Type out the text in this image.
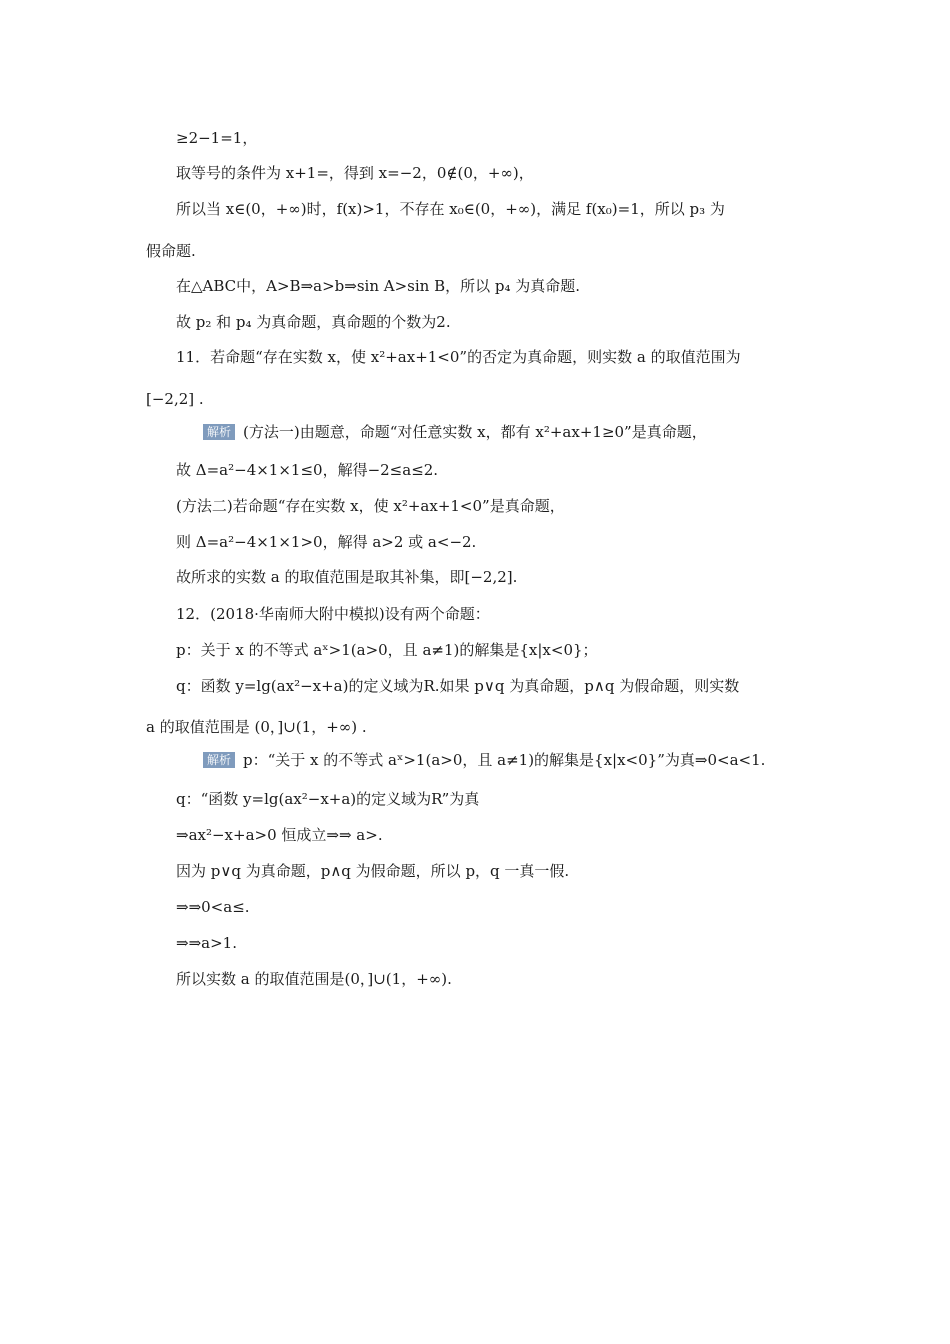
≥2−1=1，
取等号的条件为 x+1=，得到 x=−2，0∉(0，+∞)，
所以当 x∈(0，+∞)时，f(x)>1，不存在 x₀∈(0，+∞)，满足 f(x₀)=1，所以 p₃ 为
假命题.
在△ABC中，A>B⇒a>b⇒sin A>sin B，所以 p₄ 为真命题.
故 p₂ 和 p₄ 为真命题，真命题的个数为2.
11．若命题“存在实数 x，使 x²+ax+1<0”的否定为真命题，则实数 a 的取值范围为
[−2,2] .
解析 (方法一)由题意，命题“对任意实数 x，都有 x²+ax+1≥0”是真命题，
故 Δ=a²−4×1×1≤0，解得−2≤a≤2.
(方法二)若命题“存在实数 x，使 x²+ax+1<0”是真命题，
则 Δ=a²−4×1×1>0，解得 a>2 或 a<−2.
故所求的实数 a 的取值范围是取其补集，即[−2,2].
12．(2018·华南师大附中模拟)设有两个命题：
p：关于 x 的不等式 aˣ>1(a>0，且 a≠1)的解集是{x|x<0}；
q：函数 y=lg(ax²−x+a)的定义域为R.如果 p∨q 为真命题，p∧q 为假命题，则实数
a 的取值范围是 (0，]∪(1，+∞) .
解析 p：“关于 x 的不等式 aˣ>1(a>0，且 a≠1)的解集是{x|x<0}”为真⇒0<a<1.
q：“函数 y=lg(ax²−x+a)的定义域为R”为真
⇒ax²−x+a>0 恒成立⇒⇒ a>.
因为 p∨q 为真命题，p∧q 为假命题，所以 p，q 一真一假.
⇒⇒0<a≤.
⇒⇒a>1.
所以实数 a 的取值范围是(0，]∪(1，+∞).
